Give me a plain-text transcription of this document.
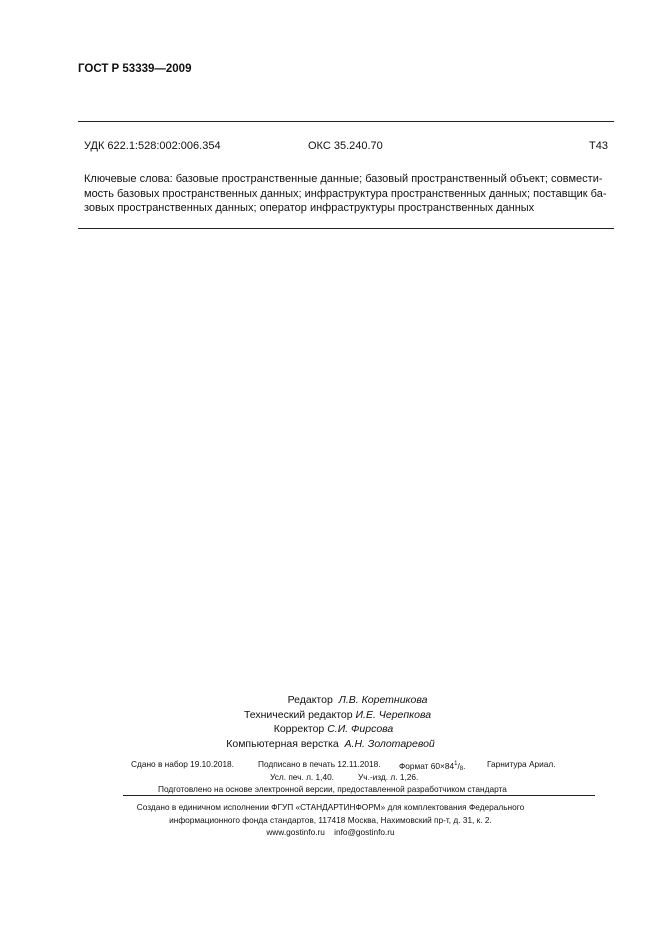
ГОСТ Р 53339—2009
УДК 622.1:528:002:006.354	ОКС 35.240.70	Т43
Ключевые слова: базовые пространственные данные; базовый пространственный объект; совмести-
мость базовых пространственных данных; инфраструктура пространственных данных; поставщик ба-
зовых пространственных данных; оператор инфраструктуры пространственных данных
Редактор Л.В. Коретникова
Технический редактор И.Е. Черепкова
Корректор С.И. Фирсова
Компьютерная верстка А.Н. Золотаревой
Сдано в набор 19.10.2018.	Подписано в печать 12.11.2018. Формат $60\times 84^1/_8$.	Гарнитура Ариал.
Усл. печ. л. 1,40.	Уч.-изд. л. 1,26.
Подготовлено на основе электронной версии, предоставленной разработчиком стандарта
Создано в единичном исполнении ФГУП «СТАНДАРТИНФОРМ» для комплектования Федерального
информационного фонда стандартов, 117418 Москва, Нахимовский пр-т, д. 31, к. 2.
www.gostinfo.ru info@gostinfo.ru
